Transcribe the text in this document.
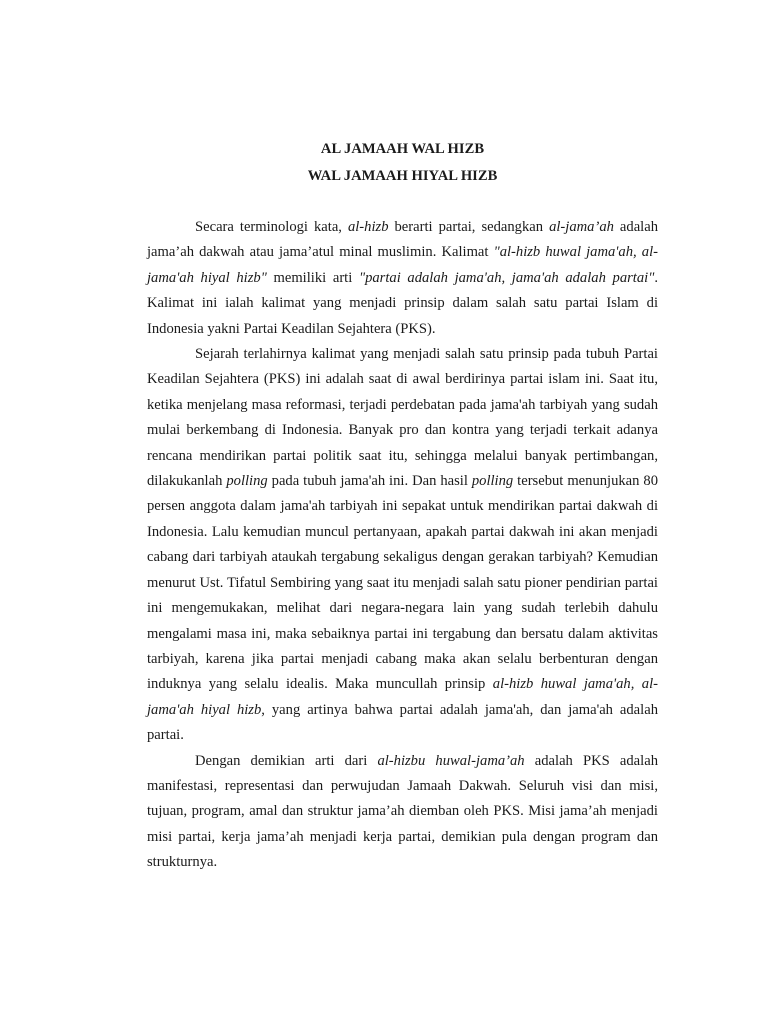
AL JAMAAH WAL HIZB

WAL JAMAAH HIYAL HIZB

Secara terminologi kata, al-hizb berarti partai, sedangkan al-jama’ah adalah jama’ah dakwah atau jama’atul minal muslimin. Kalimat "al-hizb huwal jama'ah, al-jama'ah hiyal hizb" memiliki arti "partai adalah jama'ah, jama'ah adalah partai". Kalimat ini ialah kalimat yang menjadi prinsip dalam salah satu partai Islam di Indonesia yakni Partai Keadilan Sejahtera (PKS).

Sejarah terlahirnya kalimat yang menjadi salah satu prinsip pada tubuh Partai Keadilan Sejahtera (PKS) ini adalah saat di awal berdirinya partai islam ini. Saat itu, ketika menjelang masa reformasi, terjadi perdebatan pada jama'ah tarbiyah yang sudah mulai berkembang di Indonesia. Banyak pro dan kontra yang terjadi terkait adanya rencana mendirikan partai politik saat itu, sehingga melalui banyak pertimbangan, dilakukanlah polling pada tubuh jama'ah ini. Dan hasil polling tersebut menunjukan 80 persen anggota dalam jama'ah tarbiyah ini sepakat untuk mendirikan partai dakwah di Indonesia. Lalu kemudian muncul pertanyaan, apakah partai dakwah ini akan menjadi cabang dari tarbiyah ataukah tergabung sekaligus dengan gerakan tarbiyah? Kemudian menurut Ust. Tifatul Sembiring yang saat itu menjadi salah satu pioner pendirian partai ini mengemukakan, melihat dari negara-negara lain yang sudah terlebih dahulu mengalami masa ini, maka sebaiknya partai ini tergabung dan bersatu dalam aktivitas tarbiyah, karena jika partai menjadi cabang maka akan selalu berbenturan dengan induknya yang selalu idealis. Maka muncullah prinsip al-hizb huwal jama'ah, al-jama'ah hiyal hizb, yang artinya bahwa partai adalah jama'ah, dan jama'ah adalah partai.

Dengan demikian arti dari al-hizbu huwal-jama’ah adalah PKS adalah manifestasi, representasi dan perwujudan Jamaah Dakwah. Seluruh visi dan misi, tujuan, program, amal dan struktur jama’ah diemban oleh PKS. Misi jama’ah menjadi misi partai, kerja jama’ah menjadi kerja partai, demikian pula dengan program dan strukturnya.
